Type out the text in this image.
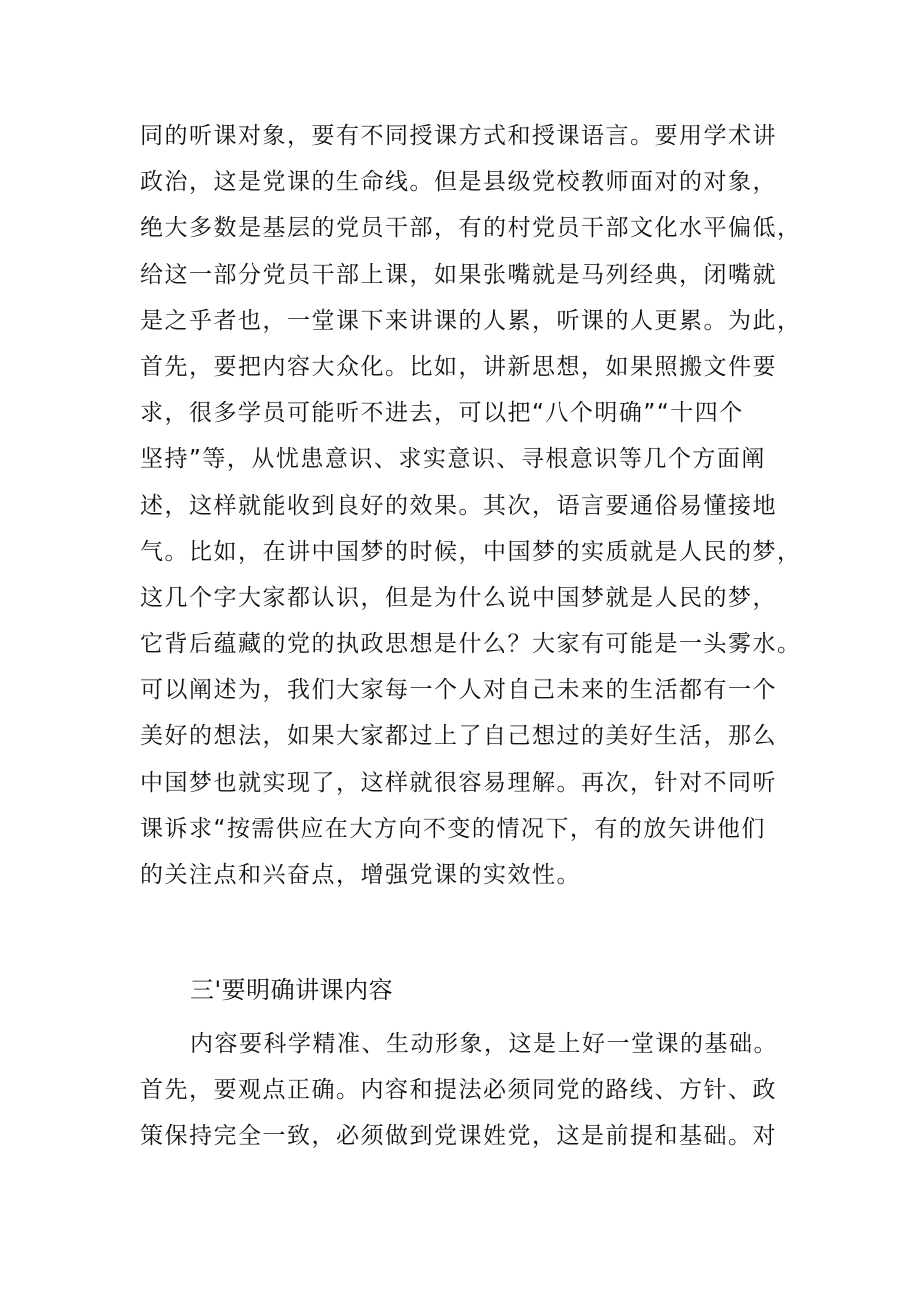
同的听课对象，要有不同授课方式和授课语言。要用学术讲
政治，这是党课的生命线。但是县级党校教师面对的对象，
绝大多数是基层的党员干部，有的村党员干部文化水平偏低，
给这一部分党员干部上课，如果张嘴就是马列经典，闭嘴就
是之乎者也，一堂课下来讲课的人累，听课的人更累。为此，
首先，要把内容大众化。比如，讲新思想，如果照搬文件要
求，很多学员可能听不进去，可以把“八个明确”“十四个
坚持”等，从忧患意识、求实意识、寻根意识等几个方面阐
述，这样就能收到良好的效果。其次，语言要通俗易懂接地
气。比如，在讲中国梦的时候，中国梦的实质就是人民的梦，
这几个字大家都认识，但是为什么说中国梦就是人民的梦，
它背后蕴藏的党的执政思想是什么？大家有可能是一头雾水。
可以阐述为，我们大家每一个人对自己未来的生活都有一个
美好的想法，如果大家都过上了自己想过的美好生活，那么
中国梦也就实现了，这样就很容易理解。再次，针对不同听
课诉求“按需供应在大方向不变的情况下，有的放矢讲他们
的关注点和兴奋点，增强党课的实效性。
三'要明确讲课内容
内容要科学精准、生动形象，这是上好一堂课的基础。
首先，要观点正确。内容和提法必须同党的路线、方针、政
策保持完全一致，必须做到党课姓党，这是前提和基础。对
